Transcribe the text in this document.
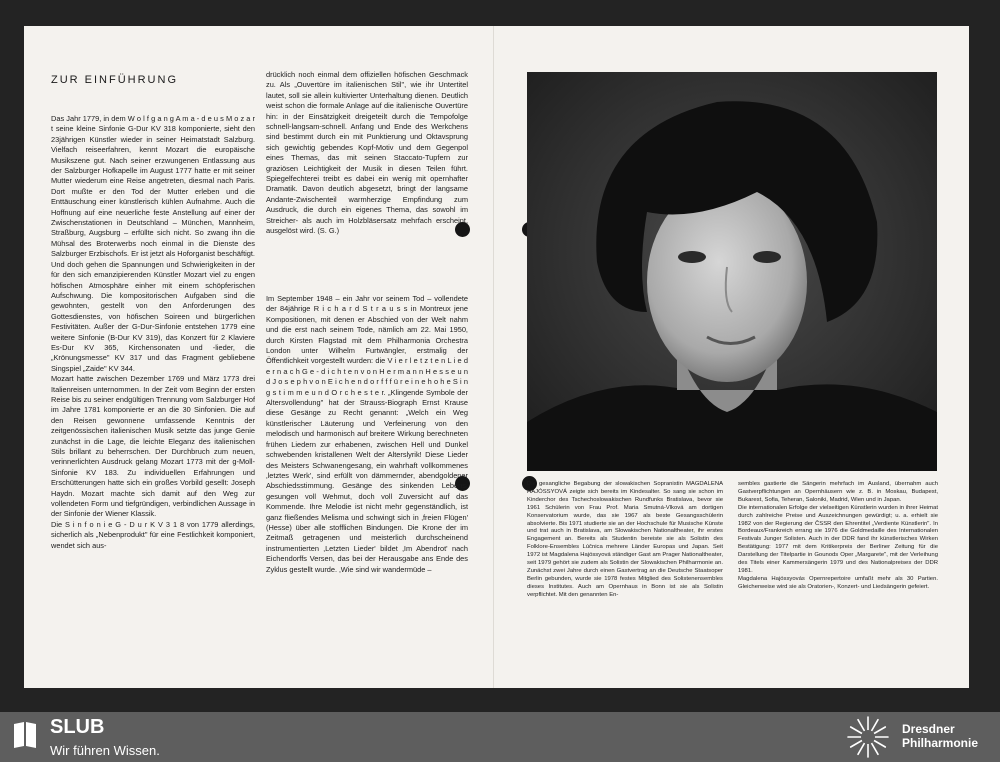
ZUR EINFÜHRUNG
Das Jahr 1779, in dem W o l f g a n g A m a - d e u s M o z a r t seine kleine Sinfonie G-Dur KV 318 komponierte, sieht den 23jährigen Künstler wieder in seiner Heimatstadt Salzburg. Vielfach reiseerfahren, kennt Mozart die europäische Musikszene gut. Nach seiner erzwungenen Entlassung aus der Salzburger Hofkapelle im August 1777 hatte er mit seiner Mutter wiederum eine Reise angetreten, diesmal nach Paris. Dort mußte er den Tod der Mutter erleben und die Enttäuschung einer künstlerisch kühlen Aufnahme. Auch die Hoffnung auf eine neuerliche feste Anstellung auf einer der Zwischenstationen in Deutschland – München, Mannheim, Straßburg, Augsburg – erfüllte sich nicht. So zwang ihn die Mühsal des Broterwerbs noch einmal in die Dienste des Salzburger Erzbischofs. Er ist jetzt als Hoforganist beschäftigt. Und doch gehen die Spannungen und Schwierigkeiten in der für den sich emanzipierenden Künstler Mozart viel zu engen höfischen Atmosphäre einher mit einem schöpferischen Aufschwung. Die kompositorischen Aufgaben sind die gewohnten, gestellt von den Anforderungen des Gottesdienstes, von höfischen Soireen und bürgerlichen Festivitäten. Außer der G-Dur-Sinfonie entstehen 1779 eine weitere Sinfonie (B-Dur KV 319), das Konzert für 2 Klaviere Es-Dur KV 365, Kirchensonaten und -lieder, die „Krönungsmesse" KV 317 und das Fragment gebliebene Singspiel „Zaide" KV 344.
Mozart hatte zwischen Dezember 1769 und März 1773 drei Italienreisen unternommen. In der Zeit vom Beginn der ersten Reise bis zu seiner endgültigen Trennung vom Salzburger Hof im Jahre 1781 komponierte er an die 30 Sinfonien. Die auf den Reisen gewonnene umfassende Kenntnis der zeitgenössischen italienischen Musik setzte das junge Genie zunächst in die Lage, die leichte Eleganz des italienischen Stils brillant zu beherrschen. Der Durchbruch zum neuen, verinnerlichten Ausdruck gelang Mozart 1773 mit der g-Moll-Sinfonie KV 183. Zu individuellen Erfahrungen und Erschütterungen hatte sich ein großes Vorbild gesellt: Joseph Haydn. Mozart machte sich damit auf den Weg zur vollendeten Form und tiefgründigen, verbindlichen Aussage in der Sinfonie der Wiener Klassik.
Die S i n f o n i e G - D u r K V 3 1 8 von 1779 allerdings, sicherlich als „Nebenprodukt" für eine Festlichkeit komponiert, wendet sich aus-
drücklich noch einmal dem offiziellen höfischen Geschmack zu. Als „Ouvertüre im italienischen Stil", wie ihr Untertitel lautet, soll sie allein kultivierter Unterhaltung dienen. Deutlich weist schon die formale Anlage auf die italienische Ouvertüre hin: in der Einsätzigkeit dreigeteilt durch die Tempofolge schnell-langsam-schnell. Anfang und Ende des Werkchens sind bestimmt durch ein mit Punktierung und Oktavsprung sich gewichtig gebendes Kopf-Motiv und dem Gegenpol eines Themas, das mit seinen Staccato-Tupfern zur graziösen Leichtigkeit der Musik in diesen Teilen führt. Spiegelfechterei treibt es dabei ein wenig mit opernhafter Dramatik. Davon deutlich abgesetzt, bringt der langsame Andante-Zwischenteil warmherzige Empfindung zum Ausdruck, die durch ein eigenes Thema, das sowohl im Streicher- als auch im Holzbläsersatz mehrfach erscheint, ausgelöst wird. (S. G.)
Im September 1948 – ein Jahr vor seinem Tod – vollendete der 84jährige R i c h a r d S t r a u s s in Montreux jene Kompositionen, mit denen er Abschied von der Welt nahm und die erst nach seinem Tode, nämlich am 22. Mai 1950, durch Kirsten Flagstad mit dem Philharmonia Orchestra London unter Wilhelm Furtwängler, erstmalig der Öffentlichkeit vorgestellt wurden: die V i e r l e t z t e n L i e d e r n a c h G e - d i c h t e n v o n H e r m a n n H e s s e u n d J o s e p h v o n E i c h e n d o r f f f ü r e i n e h o h e S i n g s t i m m e u n d O r c h e s t e r. „Klingende Symbole der Altersvollendung" hat der Strauss-Biograph Ernst Krause diese Gesänge zu Recht genannt: „Welch ein Weg künstlerischer Läuterung und Verfeinerung von den melodisch und harmonisch auf breitere Wirkung berechneten frühen Liedern zur erhabenen, zwischen Hell und Dunkel schwebenden kristallenen Welt der Alterslyrik! Diese Lieder des Meisters Schwanengesang, ein wahrhaft vollkommenes ‚letztes Werk', sind erfüllt von dämmernder, abendgoldener Abschiedsstimmung. Gesänge des sinkenden Lebens, gesungen voll Wehmut, doch voll Zuversicht auf das Kommende. Ihre Melodie ist nicht mehr gegenständlich, ist ganz fließendes Melisma und schwingt sich in ‚freien Flügen' (Hesse) über alle stofflichen Bindungen. Die Krone der im Zeitmaß getragenen und meisterlich durchscheinend instrumentierten ‚Letzten Lieder' bildet ‚Im Abendrot' nach Eichendorffs Versen, das bei der Herausgabe ans Ende des Zyklus gestellt wurde. ‚Wie sind wir wandermüde –
Die gesangliche Begabung der slowakischen Sopranistin MAGDALENA HAJÓSSYOVÁ zeigte sich bereits im Kindesalter. So sang sie schon im Kinderchor des Tschechoslowakischen Rundfunks Bratislava, bevor sie 1961 Schülerin von Frau Prof. Maria Smutná-Vlková am dortigen Konservatorium wurde, das sie 1967 als beste Gesangsschülerin absolvierte. Bis 1971 studierte sie an der Hochschule für Musische Künste und trat auch in Bratislava, am Slowakischen Nationaltheater, ihr erstes Engagement an. Bereits als Studentin bereiste sie als Solistin des Folklore-Ensembles Lúčnica mehrere Länder Europas und Japan. Seit 1972 ist Magdalena Hajóssyová ständiger Gast am Prager Nationaltheater, seit 1979 gehört sie zudem als Solistin der Slowakischen Philharmonie an. Zunächst zwei Jahre durch einen Gastvertrag an die Deutsche Staatsoper Berlin gebunden, wurde sie 1978 festes Mitglied des Solistenensembles dieses Institutes. Auch am Opernhaus in Bonn ist sie als Solistin verpflichtet. Mit den genannten En-
sembles gastierte die Sängerin mehrfach im Ausland, übernahm auch Gastverpflichtungen an Opernhäusern wie z. B. in Moskau, Budapest, Bukarest, Sofia, Teheran, Saloniki, Madrid, Wien und in Japan.
Die internationalen Erfolge der vielseitigen Künstlerin wurden in ihrer Heimat durch zahlreiche Preise und Auszeichnungen gewürdigt; u. a. erhielt sie 1982 von der Regierung der ČSSR den Ehrentitel „Verdiente Künstlerin". In Bordeaux/Frankreich errang sie 1976 die Goldmedaille des Internationalen Festivals Junger Solisten. Auch in der DDR fand ihr künstlerisches Wirken Bestätigung: 1977 mit dem Kritikerpreis der Berliner Zeitung für die Darstellung der Titelpartie in Gounods Oper „Margarete", mit der Verleihung des Titels einer Kammersängerin 1979 und des Nationalpreises der DDR 1981.
Magdalena Hajóssyovás Opernrepertoire umfaßt mehr als 30 Partien. Gleicherweise wird sie als Oratorien-, Konzert- und Liedsängerin gefeiert.
SLUB
Wir führen Wissen.
Dresdner
Philharmonie
